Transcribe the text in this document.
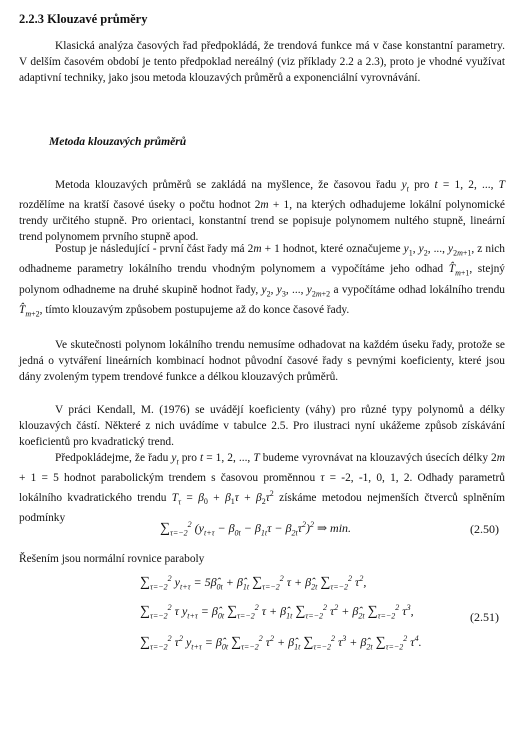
2.2.3 Klouzavé průměry
Klasická analýza časových řad předpokládá, že trendová funkce má v čase konstantní parametry. V delším časovém období je tento předpoklad nereálný (viz příklady 2.2 a 2.3), proto je vhodné využívat adaptivní techniky, jako jsou metoda klouzavých průměrů a exponenciální vyrovnávání.
Metoda klouzavých průměrů
Metoda klouzavých průměrů se zakládá na myšlence, že časovou řadu $y_t$ pro t = 1, 2, ..., T rozdělíme na kratší časové úseky o počtu hodnot 2m + 1, na kterých odhadujeme lokální polynomické trendy určitého stupně. Pro orientaci, konstantní trend se popisuje polynomem nultého stupně, lineární trend polynomem prvního stupně apod.
Postup je následující - první část řady má 2m + 1 hodnot, které označujeme $y_1$, $y_2$, ..., $y_{2m+1}$, z nich odhadneme parametry lokálního trendu vhodným polynomem a vypočítáme jeho odhad $T̂_{m+1}$, stejný polynom odhadneme na druhé skupině hodnot řady, $y_2$, $y_3$, ..., $y_{2m+2}$ a vypočítáme odhad lokálního trendu $T̂_{m+2}$, tímto klouzavým způsobem postupujeme až do konce časové řady.
Ve skutečnosti polynom lokálního trendu nemusíme odhadovat na každém úseku řady, protože se jedná o vytváření lineárních kombinací hodnot původní časové řady s pevnými koeficienty, které jsou dány zvoleným typem trendové funkce a délkou klouzavých průměrů.
V práci Kendall, M. (1976) se uvádějí koeficienty (váhy) pro různé typy polynomů a délky klouzavých částí. Některé z nich uvádíme v tabulce 2.5. Pro ilustraci nyní ukážeme způsob získávání koeficientů pro kvadratický trend.
Předpokládejme, že řadu $y_t$ pro t = 1, 2, ..., T budeme vyrovnávat na klouzavých úsecích délky 2m + 1 = 5 hodnot parabolickým trendem s časovou proměnnou τ = -2, -1, 0, 1, 2. Odhady parametrů lokálního kvadratického trendu $T_\tau = \beta_0 + \beta_1\tau + \beta_2\tau^2$ získáme metodou nejmenších čtverců splněním podmínky
$\sum_{\tau=-2}^2$ $(y_{t+\tau} - \beta_{0t} - \beta_{1t}\tau - \beta_{2t}\tau^2)^2$ ⇒ min.	(2.50)
Řešením jsou normální rovnice paraboly
$\sum_{\tau=-2}^2$ $y_{t+\tau}$ = $5\betâ_{0t}$ + $\betâ_{1t}$ $\sum_{\tau=-2}^2$ $\tau + \betâ_{2t}$ $\sum_{\tau=-2}^2$ $\tau^2$,
$\sum_{\tau=-2}^2$ τ $y_{t+\tau}$ = $\betâ_{0t}$ $\sum_{\tau=-2}^2$ $\tau + \betâ_{1t}$ $\sum_{\tau=-2}^2$ $\tau^2$ + $\betâ_{2t}$ $\sum_{\tau=-2}^2$ $\tau^3$,	(2.51)
$\sum_{\tau=-2}^2$ $\tau^2$ $y_{t+\tau}$ = $\betâ_{0t}$ $\sum_{\tau=-2}^2$ $\tau^2$ + $\betâ_{1t}$ $\sum_{\tau=-2}^2$ $\tau^3$ + $\betâ_{2t}$ $\sum_{\tau=-2}^2$ $\tau^4$.
